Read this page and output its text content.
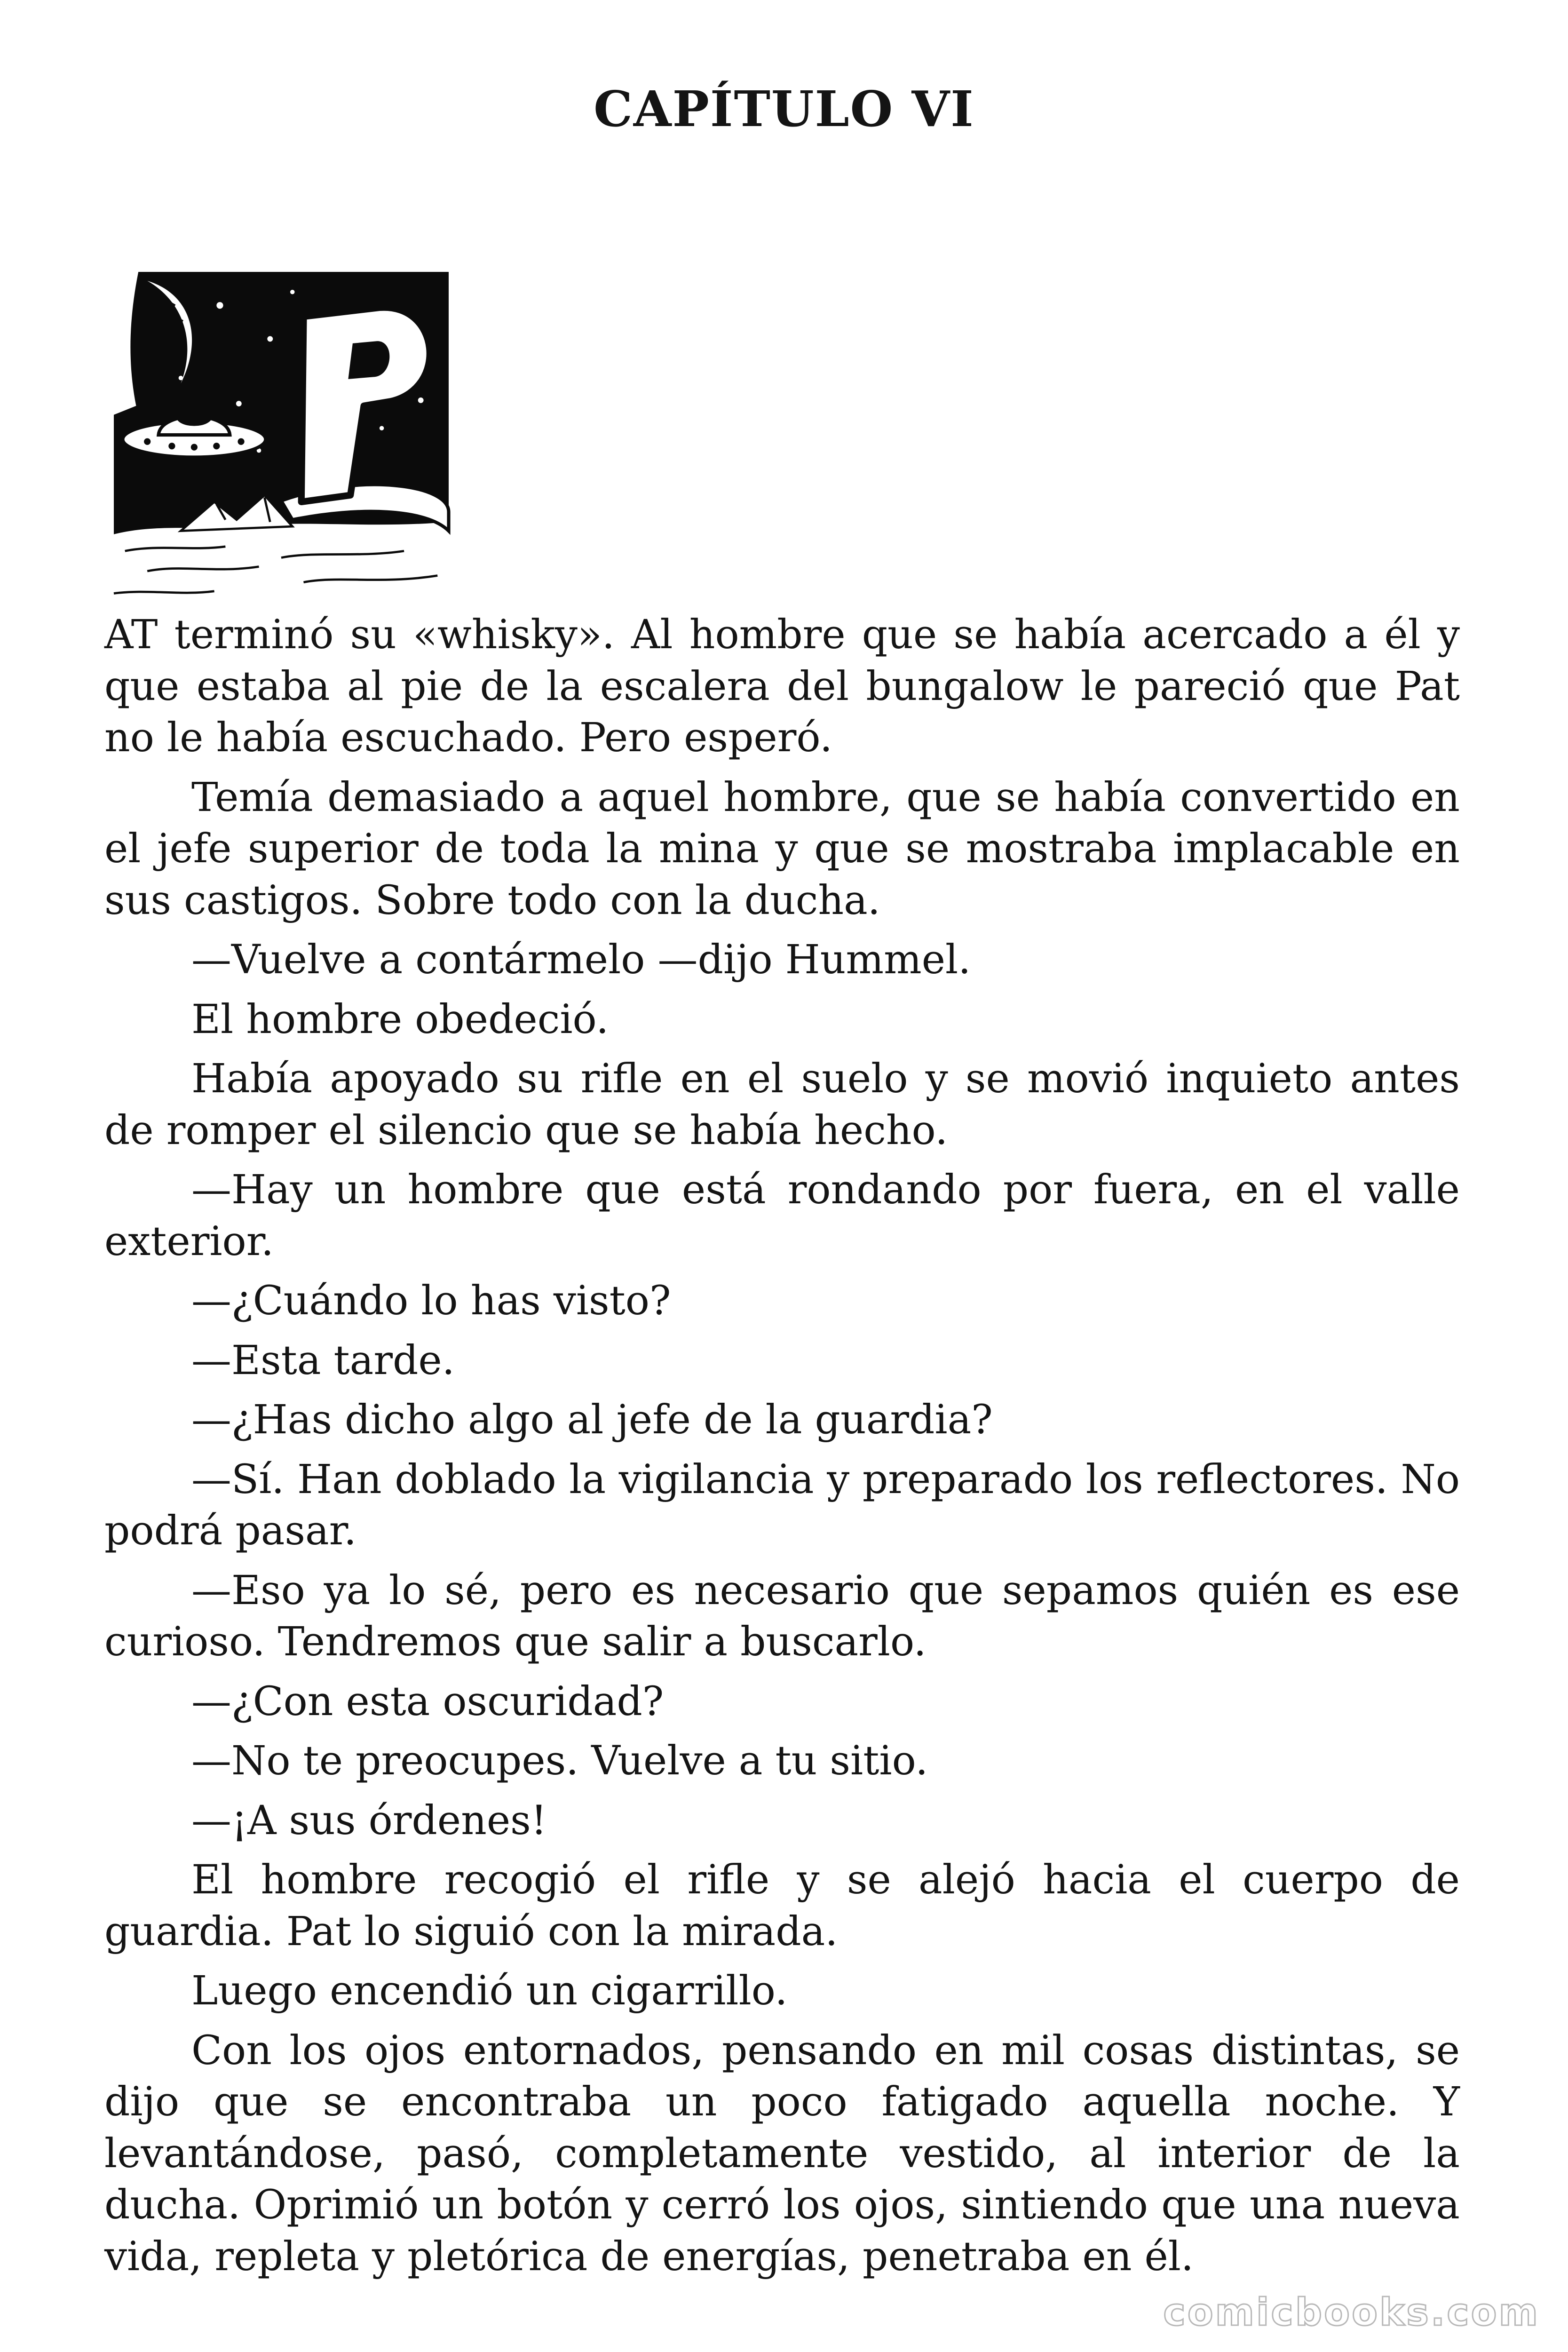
CAPÍTULO VI

AT terminó su «whisky». Al hombre que se había acercado a él y que estaba al pie de la escalera del bungalow le pareció que Pat no le había escuchado. Pero esperó.

Temía demasiado a aquel hombre, que se había convertido en el jefe superior de toda la mina y que se mostraba implacable en sus castigos. Sobre todo con la ducha.

—Vuelve a contármelo —dijo Hummel.

El hombre obedeció.

Había apoyado su rifle en el suelo y se movió inquieto antes de romper el silencio que se había hecho.

—Hay un hombre que está rondando por fuera, en el valle exterior.

—¿Cuándo lo has visto?

—Esta tarde.

—¿Has dicho algo al jefe de la guardia?

—Sí. Han doblado la vigilancia y preparado los reflectores. No podrá pasar.

—Eso ya lo sé, pero es necesario que sepamos quién es ese curioso. Tendremos que salir a buscarlo.

—¿Con esta oscuridad?

—No te preocupes. Vuelve a tu sitio.

—¡A sus órdenes!

El hombre recogió el rifle y se alejó hacia el cuerpo de guardia. Pat lo siguió con la mirada.

Luego encendió un cigarrillo.

Con los ojos entornados, pensando en mil cosas distintas, se dijo que se encontraba un poco fatigado aquella noche. Y levantándose, pasó, completamente vestido, al interior de la ducha. Oprimió un botón y cerró los ojos, sintiendo que una nueva vida, repleta y pletórica de energías, penetraba en él.

comicbooks.com
